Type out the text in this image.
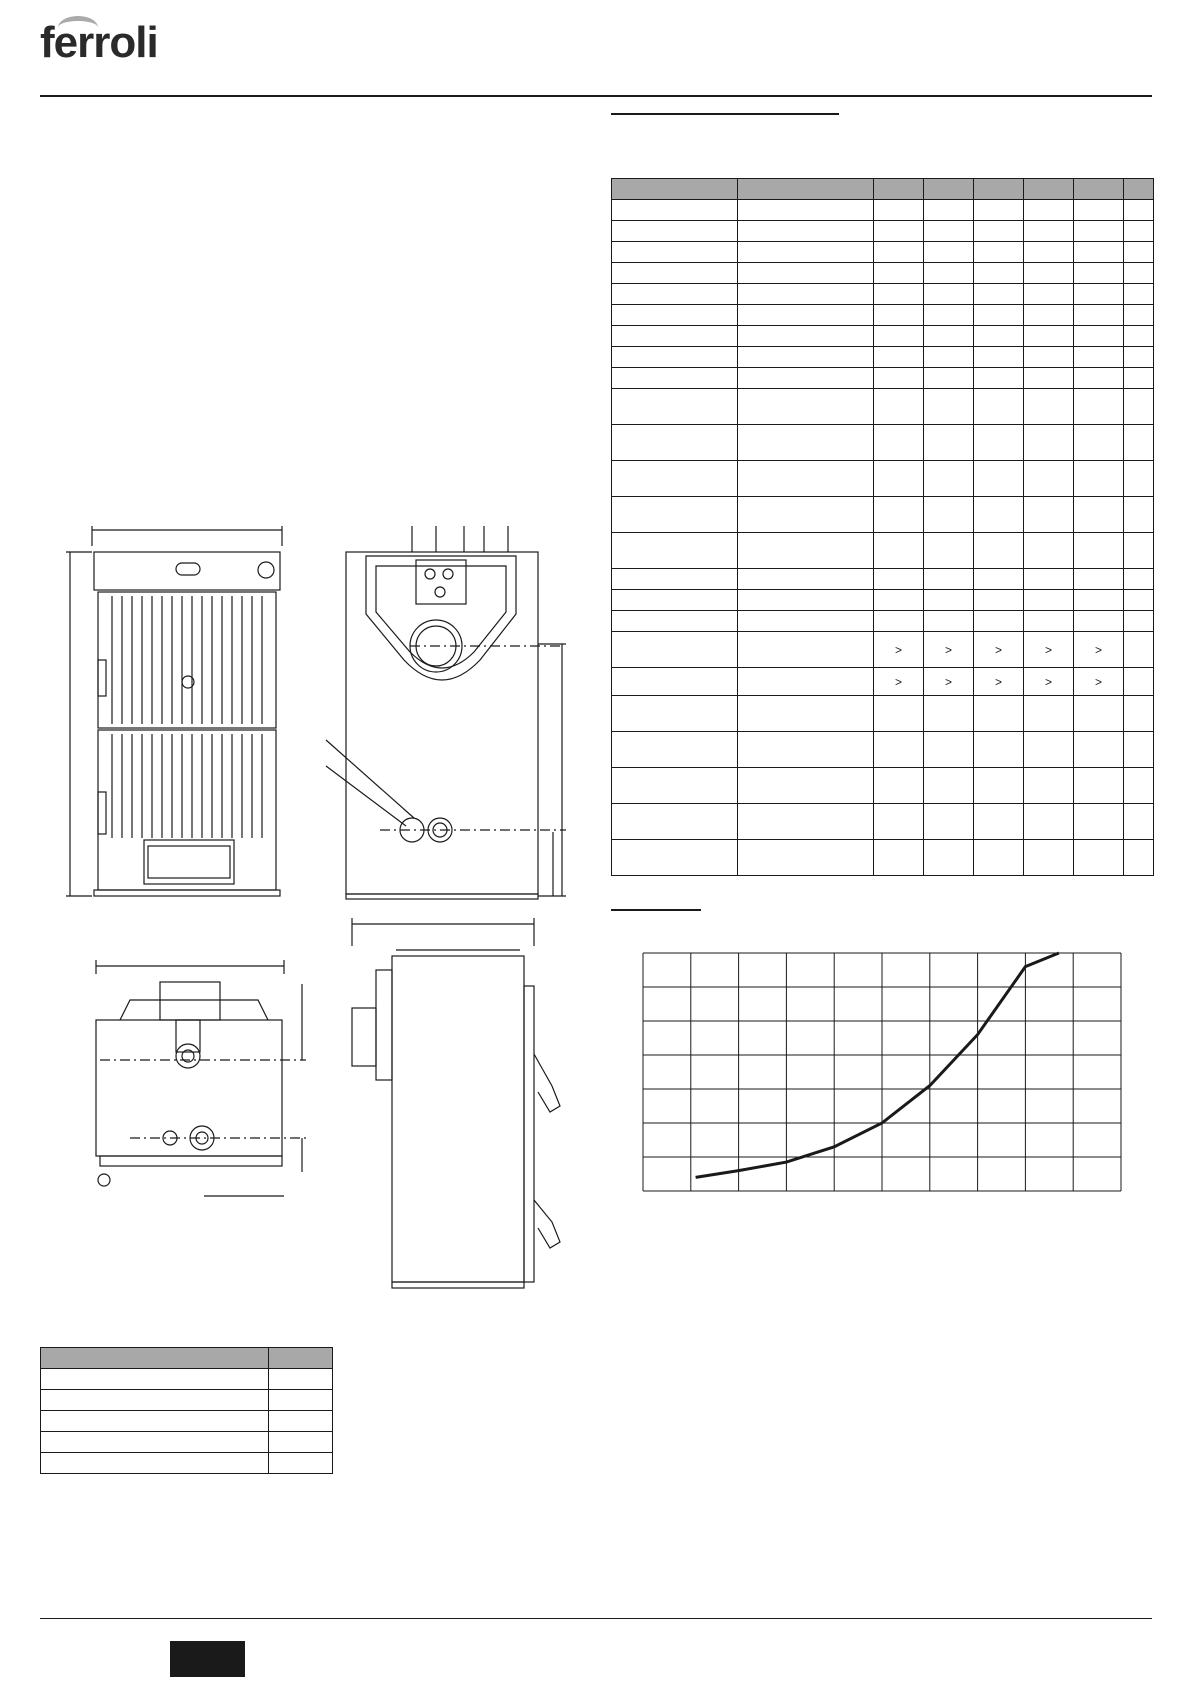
ferroli

		>	>	>	>	>	
		>	>	>	>	>	
